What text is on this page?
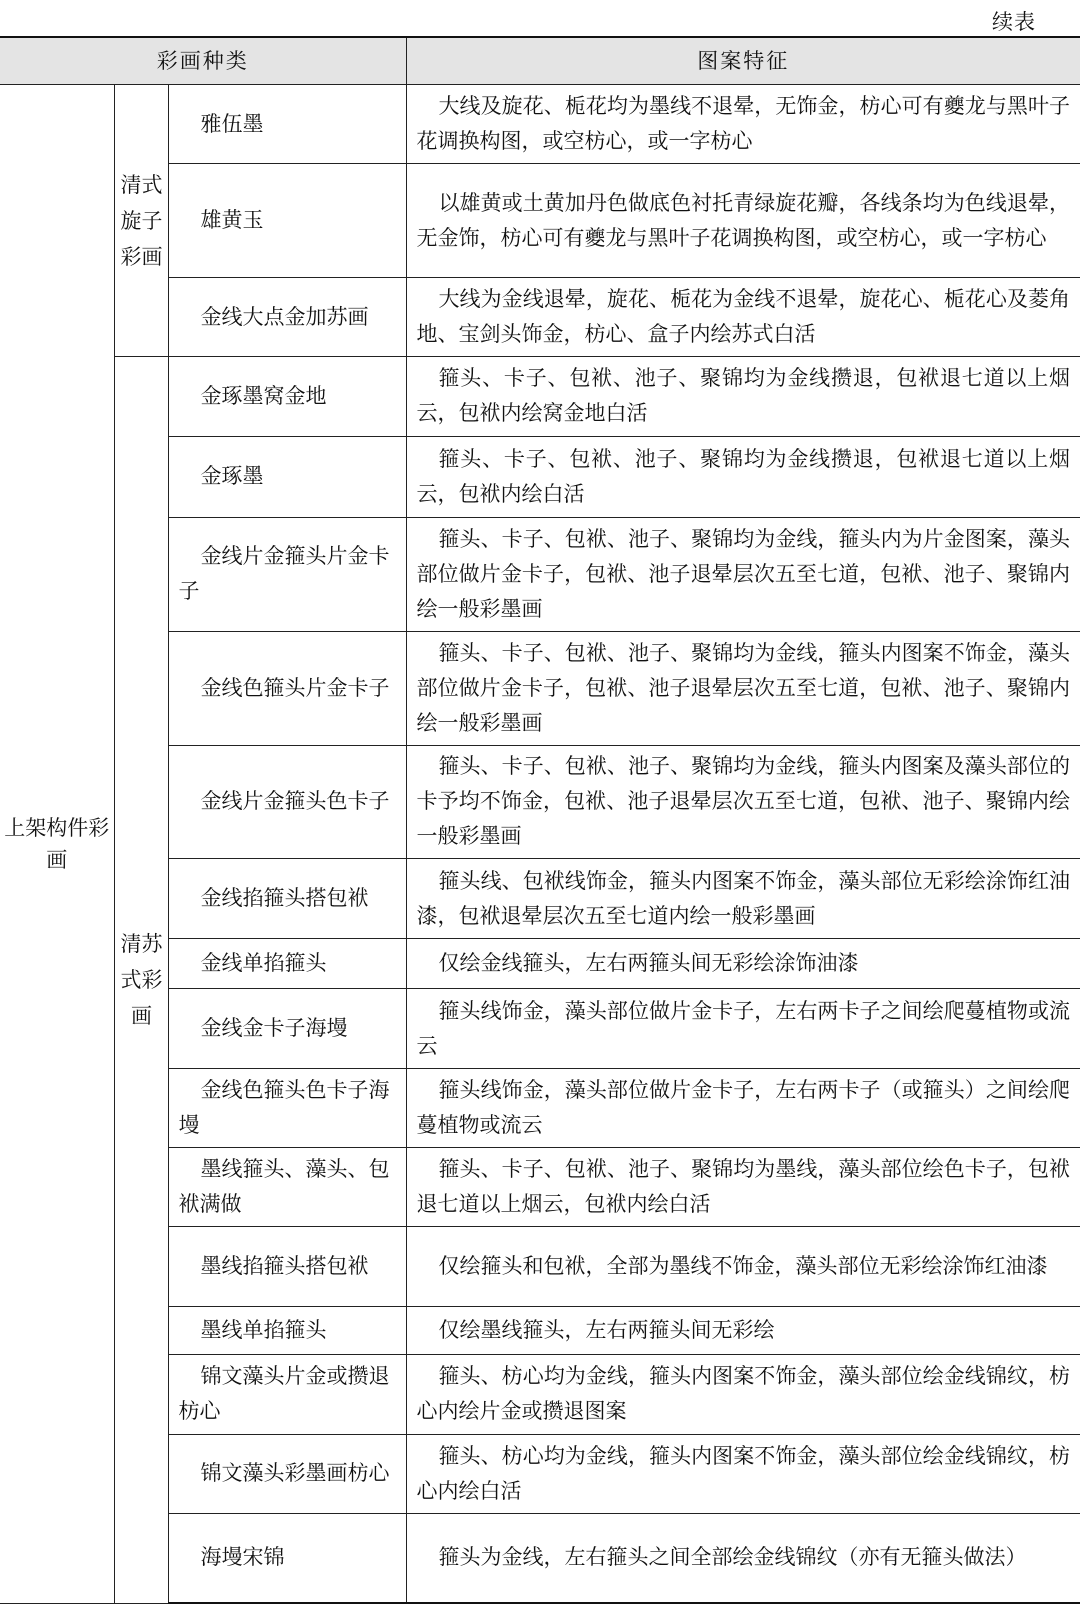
续表
彩画种类			图案特征

上架构件彩画	清式旋子彩画	雅伍墨	大线及旋花、栀花均为墨线不退晕，无饰金，枋心可有夔龙与黑叶子花调换构图，或空枋心，或一字枋心
		雄黄玉	以雄黄或土黄加丹色做底色衬托青绿旋花瓣，各线条均为色线退晕，无金饰，枋心可有夔龙与黑叶子花调换构图，或空枋心，或一字枋心
		金线大点金加苏画	大线为金线退晕，旋花、栀花为金线不退晕，旋花心、栀花心及菱角地、宝剑头饰金，枋心、盒子内绘苏式白活

	清苏式彩画	金琢墨窝金地	箍头、卡子、包袱、池子、聚锦均为金线攒退，包袱退七道以上烟云，包袱内绘窝金地白活
		金琢墨	箍头、卡子、包袱、池子、聚锦均为金线攒退，包袱退七道以上烟云，包袱内绘白活
		金线片金箍头片金卡子	箍头、卡子、包袱、池子、聚锦均为金线，箍头内为片金图案，藻头部位做片金卡子，包袱、池子退晕层次五至七道，包袱、池子、聚锦内绘一般彩墨画
		金线色箍头片金卡子	箍头、卡子、包袱、池子、聚锦均为金线，箍头内图案不饰金，藻头部位做片金卡子，包袱、池子退晕层次五至七道，包袱、池子、聚锦内绘一般彩墨画
		金线片金箍头色卡子	箍头、卡子、包袱、池子、聚锦均为金线，箍头内图案及藻头部位的卡予均不饰金，包袱、池子退晕层次五至七道，包袱、池子、聚锦内绘一般彩墨画
		金线掐箍头搭包袱	箍头线、包袱线饰金，箍头内图案不饰金，藻头部位无彩绘涂饰红油漆，包袱退晕层次五至七道内绘一般彩墨画
		金线单掐箍头	仅绘金线箍头，左右两箍头间无彩绘涂饰油漆
		金线金卡子海墁	箍头线饰金，藻头部位做片金卡子，左右两卡子之间绘爬蔓植物或流云
		金线色箍头色卡子海墁	箍头线饰金，藻头部位做片金卡子，左右两卡子（或箍头）之间绘爬蔓植物或流云
		墨线箍头、藻头、包袱满做	箍头、卡子、包袱、池子、聚锦均为墨线，藻头部位绘色卡子，包袱退七道以上烟云，包袱内绘白活
		墨线掐箍头搭包袱	仅绘箍头和包袱，全部为墨线不饰金，藻头部位无彩绘涂饰红油漆
		墨线单掐箍头	仅绘墨线箍头，左右两箍头间无彩绘
		锦文藻头片金或攒退枋心	箍头、枋心均为金线，箍头内图案不饰金，藻头部位绘金线锦纹，枋心内绘片金或攒退图案
		锦文藻头彩墨画枋心	箍头、枋心均为金线，箍头内图案不饰金，藻头部位绘金线锦纹，枋心内绘白活
		海墁宋锦	箍头为金线，左右箍头之间全部绘金线锦纹（亦有无箍头做法）
